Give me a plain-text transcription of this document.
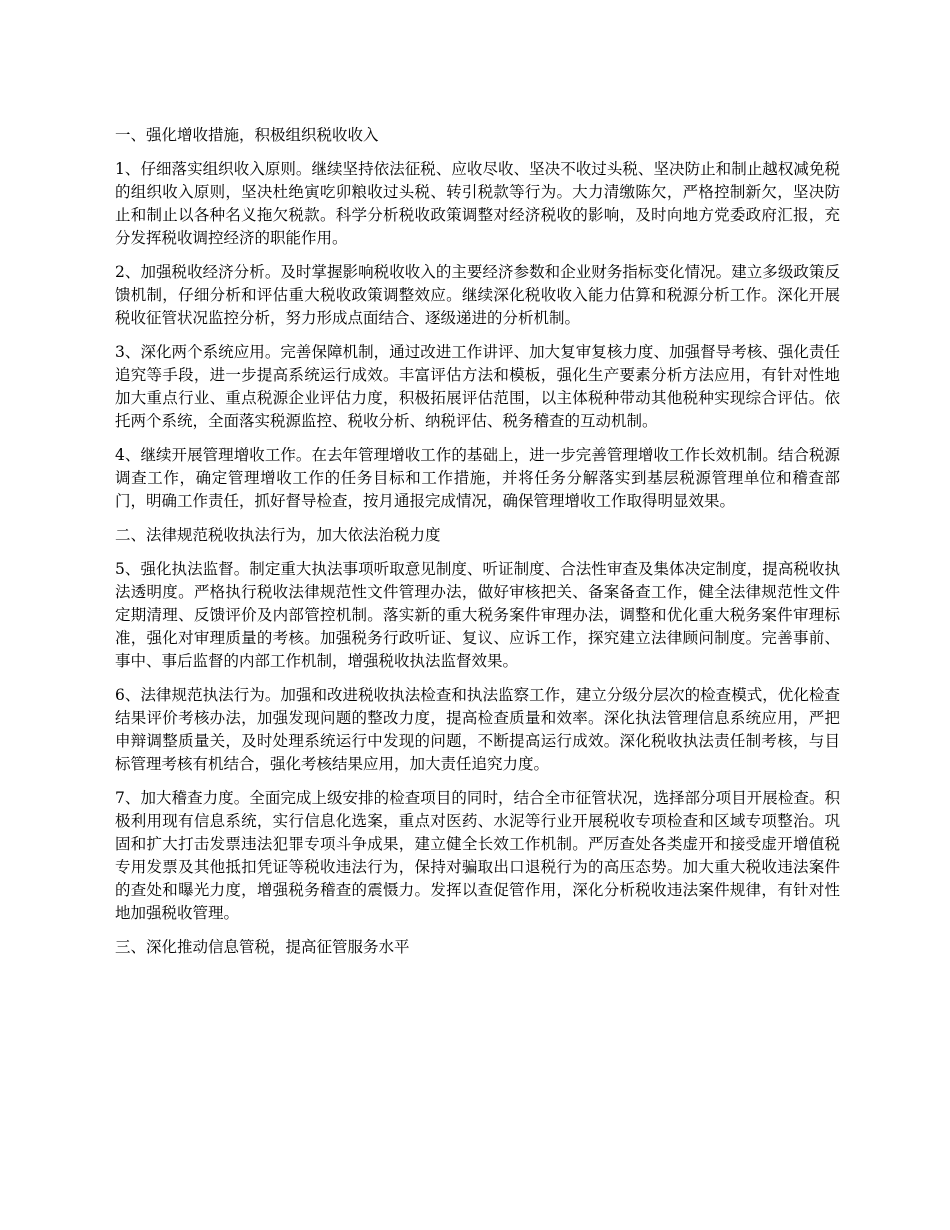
一、强化增收措施，积极组织税收收入

1、仔细落实组织收入原则。继续坚持依法征税、应收尽收、坚决不收过头税、坚决防止和制止越权减免税的组织收入原则，坚决杜绝寅吃卯粮收过头税、转引税款等行为。大力清缴陈欠，严格控制新欠，坚决防止和制止以各种名义拖欠税款。科学分析税收政策调整对经济税收的影响，及时向地方党委政府汇报，充分发挥税收调控经济的职能作用。

2、加强税收经济分析。及时掌握影响税收收入的主要经济参数和企业财务指标变化情况。建立多级政策反馈机制，仔细分析和评估重大税收政策调整效应。继续深化税收收入能力估算和税源分析工作。深化开展税收征管状况监控分析，努力形成点面结合、逐级递进的分析机制。

3、深化两个系统应用。完善保障机制，通过改进工作讲评、加大复审复核力度、加强督导考核、强化责任追究等手段，进一步提高系统运行成效。丰富评估方法和模板，强化生产要素分析方法应用，有针对性地加大重点行业、重点税源企业评估力度，积极拓展评估范围，以主体税种带动其他税种实现综合评估。依托两个系统，全面落实税源监控、税收分析、纳税评估、税务稽查的互动机制。

4、继续开展管理增收工作。在去年管理增收工作的基础上，进一步完善管理增收工作长效机制。结合税源调查工作，确定管理增收工作的任务目标和工作措施，并将任务分解落实到基层税源管理单位和稽查部门，明确工作责任，抓好督导检查，按月通报完成情况，确保管理增收工作取得明显效果。

二、法律规范税收执法行为，加大依法治税力度

5、强化执法监督。制定重大执法事项听取意见制度、听证制度、合法性审查及集体决定制度，提高税收执法透明度。严格执行税收法律规范性文件管理办法，做好审核把关、备案备查工作，健全法律规范性文件定期清理、反馈评价及内部管控机制。落实新的重大税务案件审理办法，调整和优化重大税务案件审理标准，强化对审理质量的考核。加强税务行政听证、复议、应诉工作，探究建立法律顾问制度。完善事前、事中、事后监督的内部工作机制，增强税收执法监督效果。

6、法律规范执法行为。加强和改进税收执法检查和执法监察工作，建立分级分层次的检查模式，优化检查结果评价考核办法，加强发现问题的整改力度，提高检查质量和效率。深化执法管理信息系统应用，严把申辩调整质量关，及时处理系统运行中发现的问题，不断提高运行成效。深化税收执法责任制考核，与目标管理考核有机结合，强化考核结果应用，加大责任追究力度。

7、加大稽查力度。全面完成上级安排的检查项目的同时，结合全市征管状况，选择部分项目开展检查。积极利用现有信息系统，实行信息化选案，重点对医药、水泥等行业开展税收专项检查和区域专项整治。巩固和扩大打击发票违法犯罪专项斗争成果，建立健全长效工作机制。严厉查处各类虚开和接受虚开增值税专用发票及其他抵扣凭证等税收违法行为，保持对骗取出口退税行为的高压态势。加大重大税收违法案件的查处和曝光力度，增强税务稽查的震慑力。发挥以查促管作用，深化分析税收违法案件规律，有针对性地加强税收管理。

三、深化推动信息管税，提高征管服务水平
